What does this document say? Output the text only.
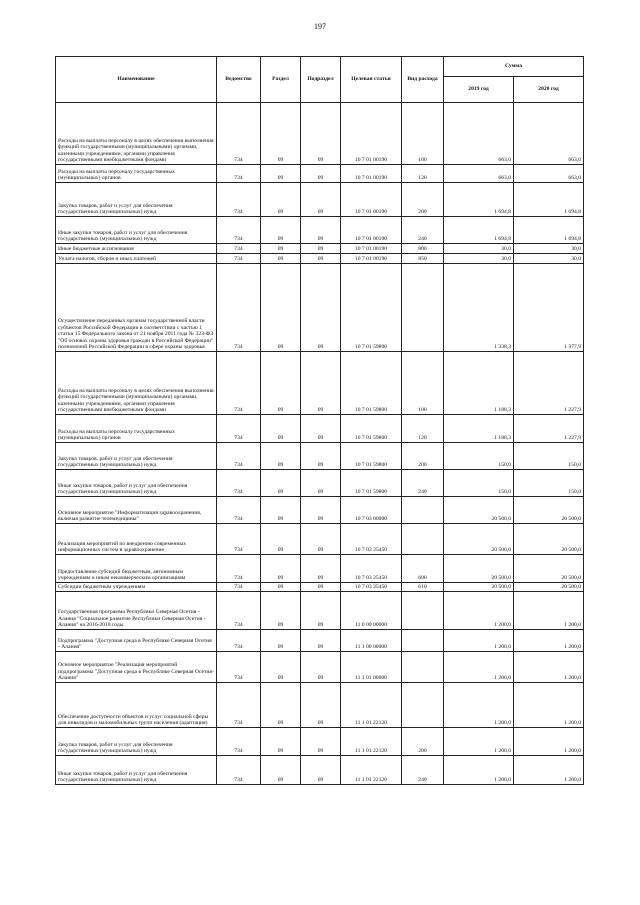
197
Наименование	Ведомство	Раздел	Подраздел	Целевая статья	Вид расхода	Сумма	
						2019 год	2020 год
Расходы на выплаты персоналу в целях обеспечения выполнения функций государственными (муниципальными) органами, казенными учреждениями, органами управления государственными внебюджетными фондами	734	09	09	10 7 01 00190	100	663,0	663,0
Расходы на выплаты персоналу государственных (муниципальных) органов	734	09	09	10 7 01 00190	120	663,0	663,0
Закупка товаров, работ и услуг для обеспечения государственных (муниципальных) нужд	734	09	09	10 7 01 00190	200	1 694,8	1 694,8
Иные закупки товаров, работ и услуг для обеспечения государственных (муниципальных) нужд	734	09	09	10 7 01 00190	240	1 694,8	1 694,8
Иные бюджетные ассигнования	734	09	09	10 7 01 00190	800	30,0	30,0
Уплата налогов, сборов и иных платежей	734	09	09	10 7 01 00190	850	30,0	30,0
Осуществление переданных органам государственной власти субъектов Российской Федерации в соответствии с частью 1 статьи 15 Федерального закона от 21 ноября 2011 года № 323-ФЗ "Об основах охраны здоровья граждан в Российской Федерации" полномочий Российской Федерации в сфере охраны здоровья	734	09	09	10 7 01 59800		1 338,3	1 377,9
Расходы на выплаты персоналу в целях обеспечения выполнения функций государственными (муниципальными) органами, казенными учреждениями, органами управления государственными внебюджетными фондами	734	09	09	10 7 01 59800	100	1 188,3	1 227,9
Расходы на выплаты персоналу государственных (муниципальных) органов	734	09	09	10 7 01 59800	120	1 188,3	1 227,9
Закупка товаров, работ и услуг для обеспечения государственных (муниципальных) нужд	734	09	09	10 7 01 59800	200	150,0	150,0
Иные закупки товаров, работ и услуг для обеспечения государственных (муниципальных) нужд	734	09	09	10 7 01 59800	240	150,0	150,0
Основное мероприятие "Информатизация здравоохранения, включая развитие телемедицины"	734	09	09	10 7 03 00000		20 500,0	20 500,0
Реализация мероприятий по внедрению современных информационных систем в здравоохранение	734	09	09	10 7 03 25450		20 500,0	20 500,0
Предоставление субсидий бюджетным, автономным учреждениям и иным некоммерческим организациям	734	09	09	10 7 03 25450	600	20 500,0	20 500,0
Субсидии бюджетным учреждениям	734	09	09	10 7 03 25450	610	20 500,0	20 500,0
Государственная программа Республики Северная Осетия - Алания "Социальное развитие Республики Северная Осетия - Алания" на 2016-2018 годы	734	09	09	11 0 00 00000		1 200,0	1 200,0
Подпрограмма "Доступная среда в Республике Северная Осетия - Алания"	734	09	09	11 1 00 00000		1 200,0	1 200,0
Основное мероприятие "Реализация мероприятий подпрограммы "Доступная среда в Республике Северная Осетия-Алания"	734	09	09	11 1 01 00000		1 200,0	1 200,0
Обеспечение доступности объектов и услуг социальной сферы для инвалидов и маломобильных групп населения (адаптация)	734	09	09	11 1 01 22120		1 200,0	1 200,0
Закупка товаров, работ и услуг для обеспечения государственных (муниципальных) нужд	734	09	09	11 1 01 22120	200	1 200,0	1 200,0
Иные закупки товаров, работ и услуг для обеспечения государственных (муниципальных) нужд	734	09	09	11 1 01 22120	240	1 200,0	1 200,0
